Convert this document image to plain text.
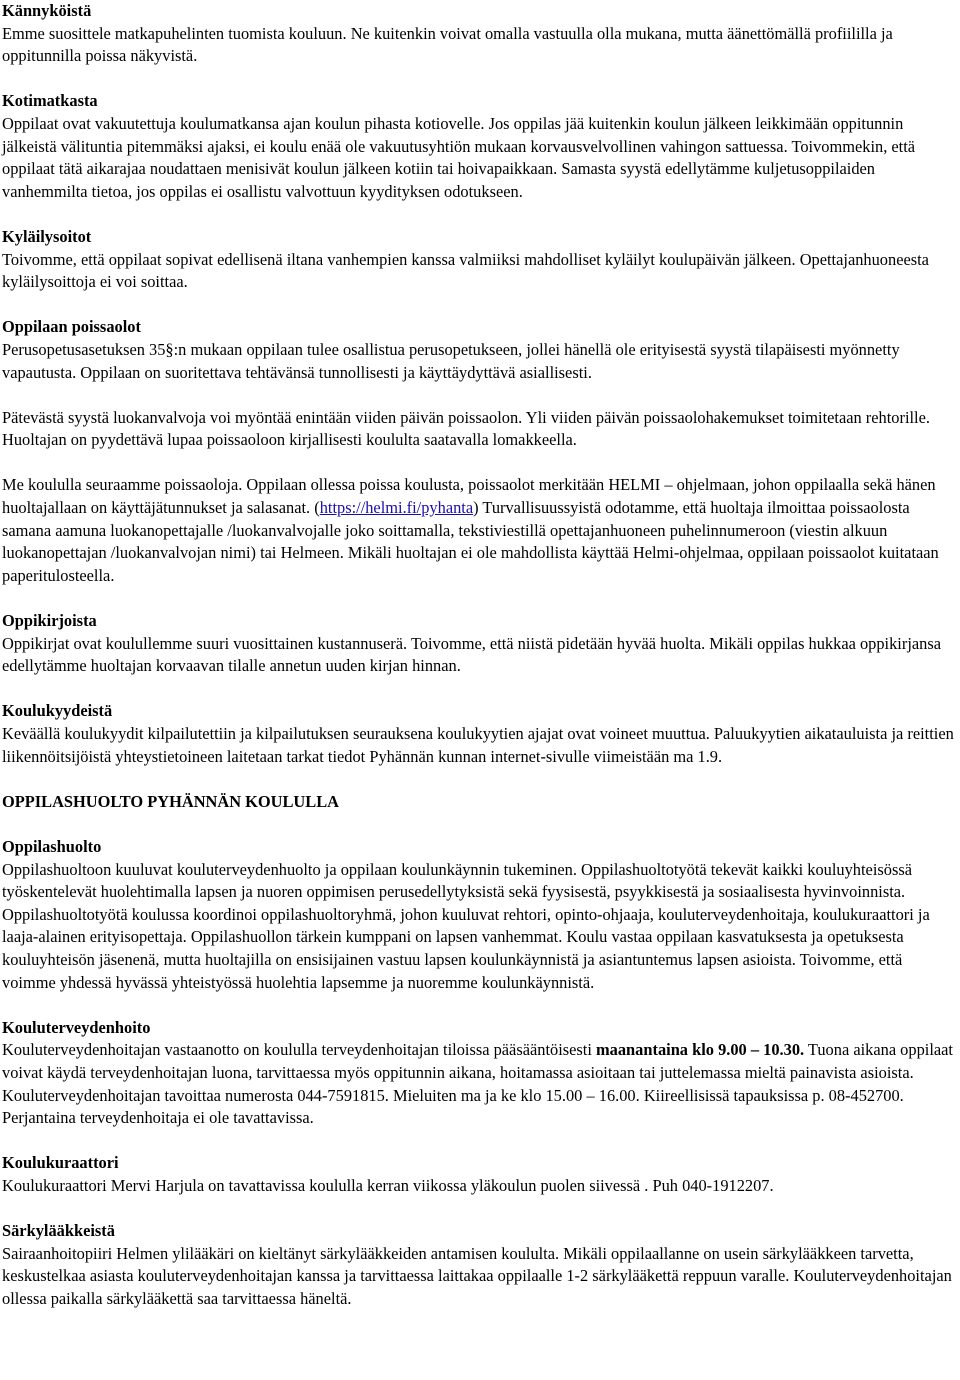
Kännyköistä

Emme suosittele matkapuhelinten tuomista kouluun. Ne kuitenkin voivat omalla vastuulla olla mukana, mutta äänettömällä profiililla ja oppitunnilla poissa näkyvistä.

Kotimatkasta

Oppilaat ovat vakuutettuja koulumatkansa ajan koulun pihasta kotiovelle. Jos oppilas jää kuitenkin koulun jälkeen leikkimään oppitunnin jälkeistä välituntia pitemmäksi ajaksi, ei koulu enää ole vakuutusyhtiön mukaan korvausvelvollinen vahingon sattuessa. Toivommekin, että oppilaat tätä aikarajaa noudattaen menisivät koulun jälkeen kotiin tai hoivapaikkaan. Samasta syystä edellytämme kuljetusoppilaiden vanhemmilta tietoa, jos oppilas ei osallistu valvottuun kyydityksen odotukseen.

Kyläilysoitot

Toivomme, että oppilaat sopivat edellisenä iltana vanhempien kanssa valmiiksi mahdolliset kyläilyt koulupäivän jälkeen. Opettajanhuoneesta kyläilysoittoja ei voi soittaa.

Oppilaan poissaolot

Perusopetusasetuksen 35§:n mukaan oppilaan tulee osallistua perusopetukseen, jollei hänellä ole erityisestä syystä tilapäisesti myönnetty vapautusta. Oppilaan on suoritettava tehtävänsä tunnollisesti ja käyttäydyttävä asiallisesti.

Pätevästä syystä luokanvalvoja voi myöntää enintään viiden päivän poissaolon. Yli viiden päivän poissaolohakemukset toimitetaan rehtorille. Huoltajan on pyydettävä lupaa poissaoloon kirjallisesti koululta saatavalla lomakkeella.

Me koululla seuraamme poissaoloja. Oppilaan ollessa poissa koulusta, poissaolot merkitään HELMI – ohjelmaan, johon oppilaalla sekä hänen huoltajallaan on käyttäjätunnukset ja salasanat. (https://helmi.fi/pyhanta) Turvallisuussyistä odotamme, että huoltaja ilmoittaa poissaolosta samana aamuna luokanopettajalle /luokanvalvojalle joko soittamalla, tekstiviestillä opettajanhuoneen puhelinnumeroon (viestin alkuun luokanopettajan /luokanvalvojan nimi) tai Helmeen. Mikäli huoltajan ei ole mahdollista käyttää Helmi-ohjelmaa, oppilaan poissaolot kuitataan paperitulosteella.

Oppikirjoista

Oppikirjat ovat koulullemme suuri vuosittainen kustannuserä. Toivomme, että niistä pidetään hyvää huolta. Mikäli oppilas hukkaa oppikirjansa edellytämme huoltajan korvaavan tilalle annetun uuden kirjan hinnan.

Koulukyydeistä

Keväällä koulukyydit kilpailutettiin ja kilpailutuksen seurauksena koulukyytien ajajat ovat voineet muuttua. Paluukyytien aikatauluista ja reittien liikennöitsijöistä yhteystietoineen laitetaan tarkat tiedot Pyhännän kunnan internet-sivulle viimeistään ma 1.9.

OPPILASHUOLTO PYHÄNNÄN KOULULLA
Oppilashuolto

Oppilashuoltoon kuuluvat kouluterveydenhuolto ja oppilaan koulunkäynnin tukeminen. Oppilashuoltotyötä tekevät kaikki kouluyhteisössä työskentelevät huolehtimalla lapsen ja nuoren oppimisen perusedellytyksistä sekä fyysisestä, psyykkisestä ja sosiaalisesta hyvinvoinnista. Oppilashuoltotyötä koulussa koordinoi oppilashuoltoryhmä, johon kuuluvat rehtori, opinto-ohjaaja, kouluterveydenhoitaja, koulukuraattori ja laaja-alainen erityisopettaja. Oppilashuollon tärkein kumppani on lapsen vanhemmat. Koulu vastaa oppilaan kasvatuksesta ja opetuksesta kouluyhteisön jäsenenä, mutta huoltajilla on ensisijainen vastuu lapsen koulunkäynnistä ja asiantuntemus lapsen asioista. Toivomme, että voimme yhdessä hyvässä yhteistyössä huolehtia lapsemme ja nuoremme koulunkäynnistä.

Kouluterveydenhoito

Kouluterveydenhoitajan vastaanotto on koululla terveydenhoitajan tiloissa pääsääntöisesti maanantaina klo 9.00 – 10.30. Tuona aikana oppilaat voivat käydä terveydenhoitajan luona, tarvittaessa myös oppitunnin aikana, hoitamassa asioitaan tai juttelemassa mieltä painavista asioista. Kouluterveydenhoitajan tavoittaa numerosta 044-7591815. Mieluiten ma ja ke klo 15.00 – 16.00. Kiireellisissä tapauksissa p. 08-452700. Perjantaina terveydenhoitaja ei ole tavattavissa.

Koulukuraattori

Koulukuraattori Mervi Harjula on tavattavissa koululla kerran viikossa yläkoulun puolen siivessä . Puh 040-1912207.

Särkylääkkeistä

Sairaanhoitopiiri Helmen ylilääkäri on kieltänyt särkylääkkeiden antamisen koululta. Mikäli oppilaallanne on usein särkylääkkeen tarvetta, keskustelkaa asiasta kouluterveydenhoitajan kanssa ja tarvittaessa laittakaa oppilaalle 1-2 särkylääkettä reppuun varalle. Kouluterveydenhoitajan ollessa paikalla särkylääkettä saa tarvittaessa häneltä.
